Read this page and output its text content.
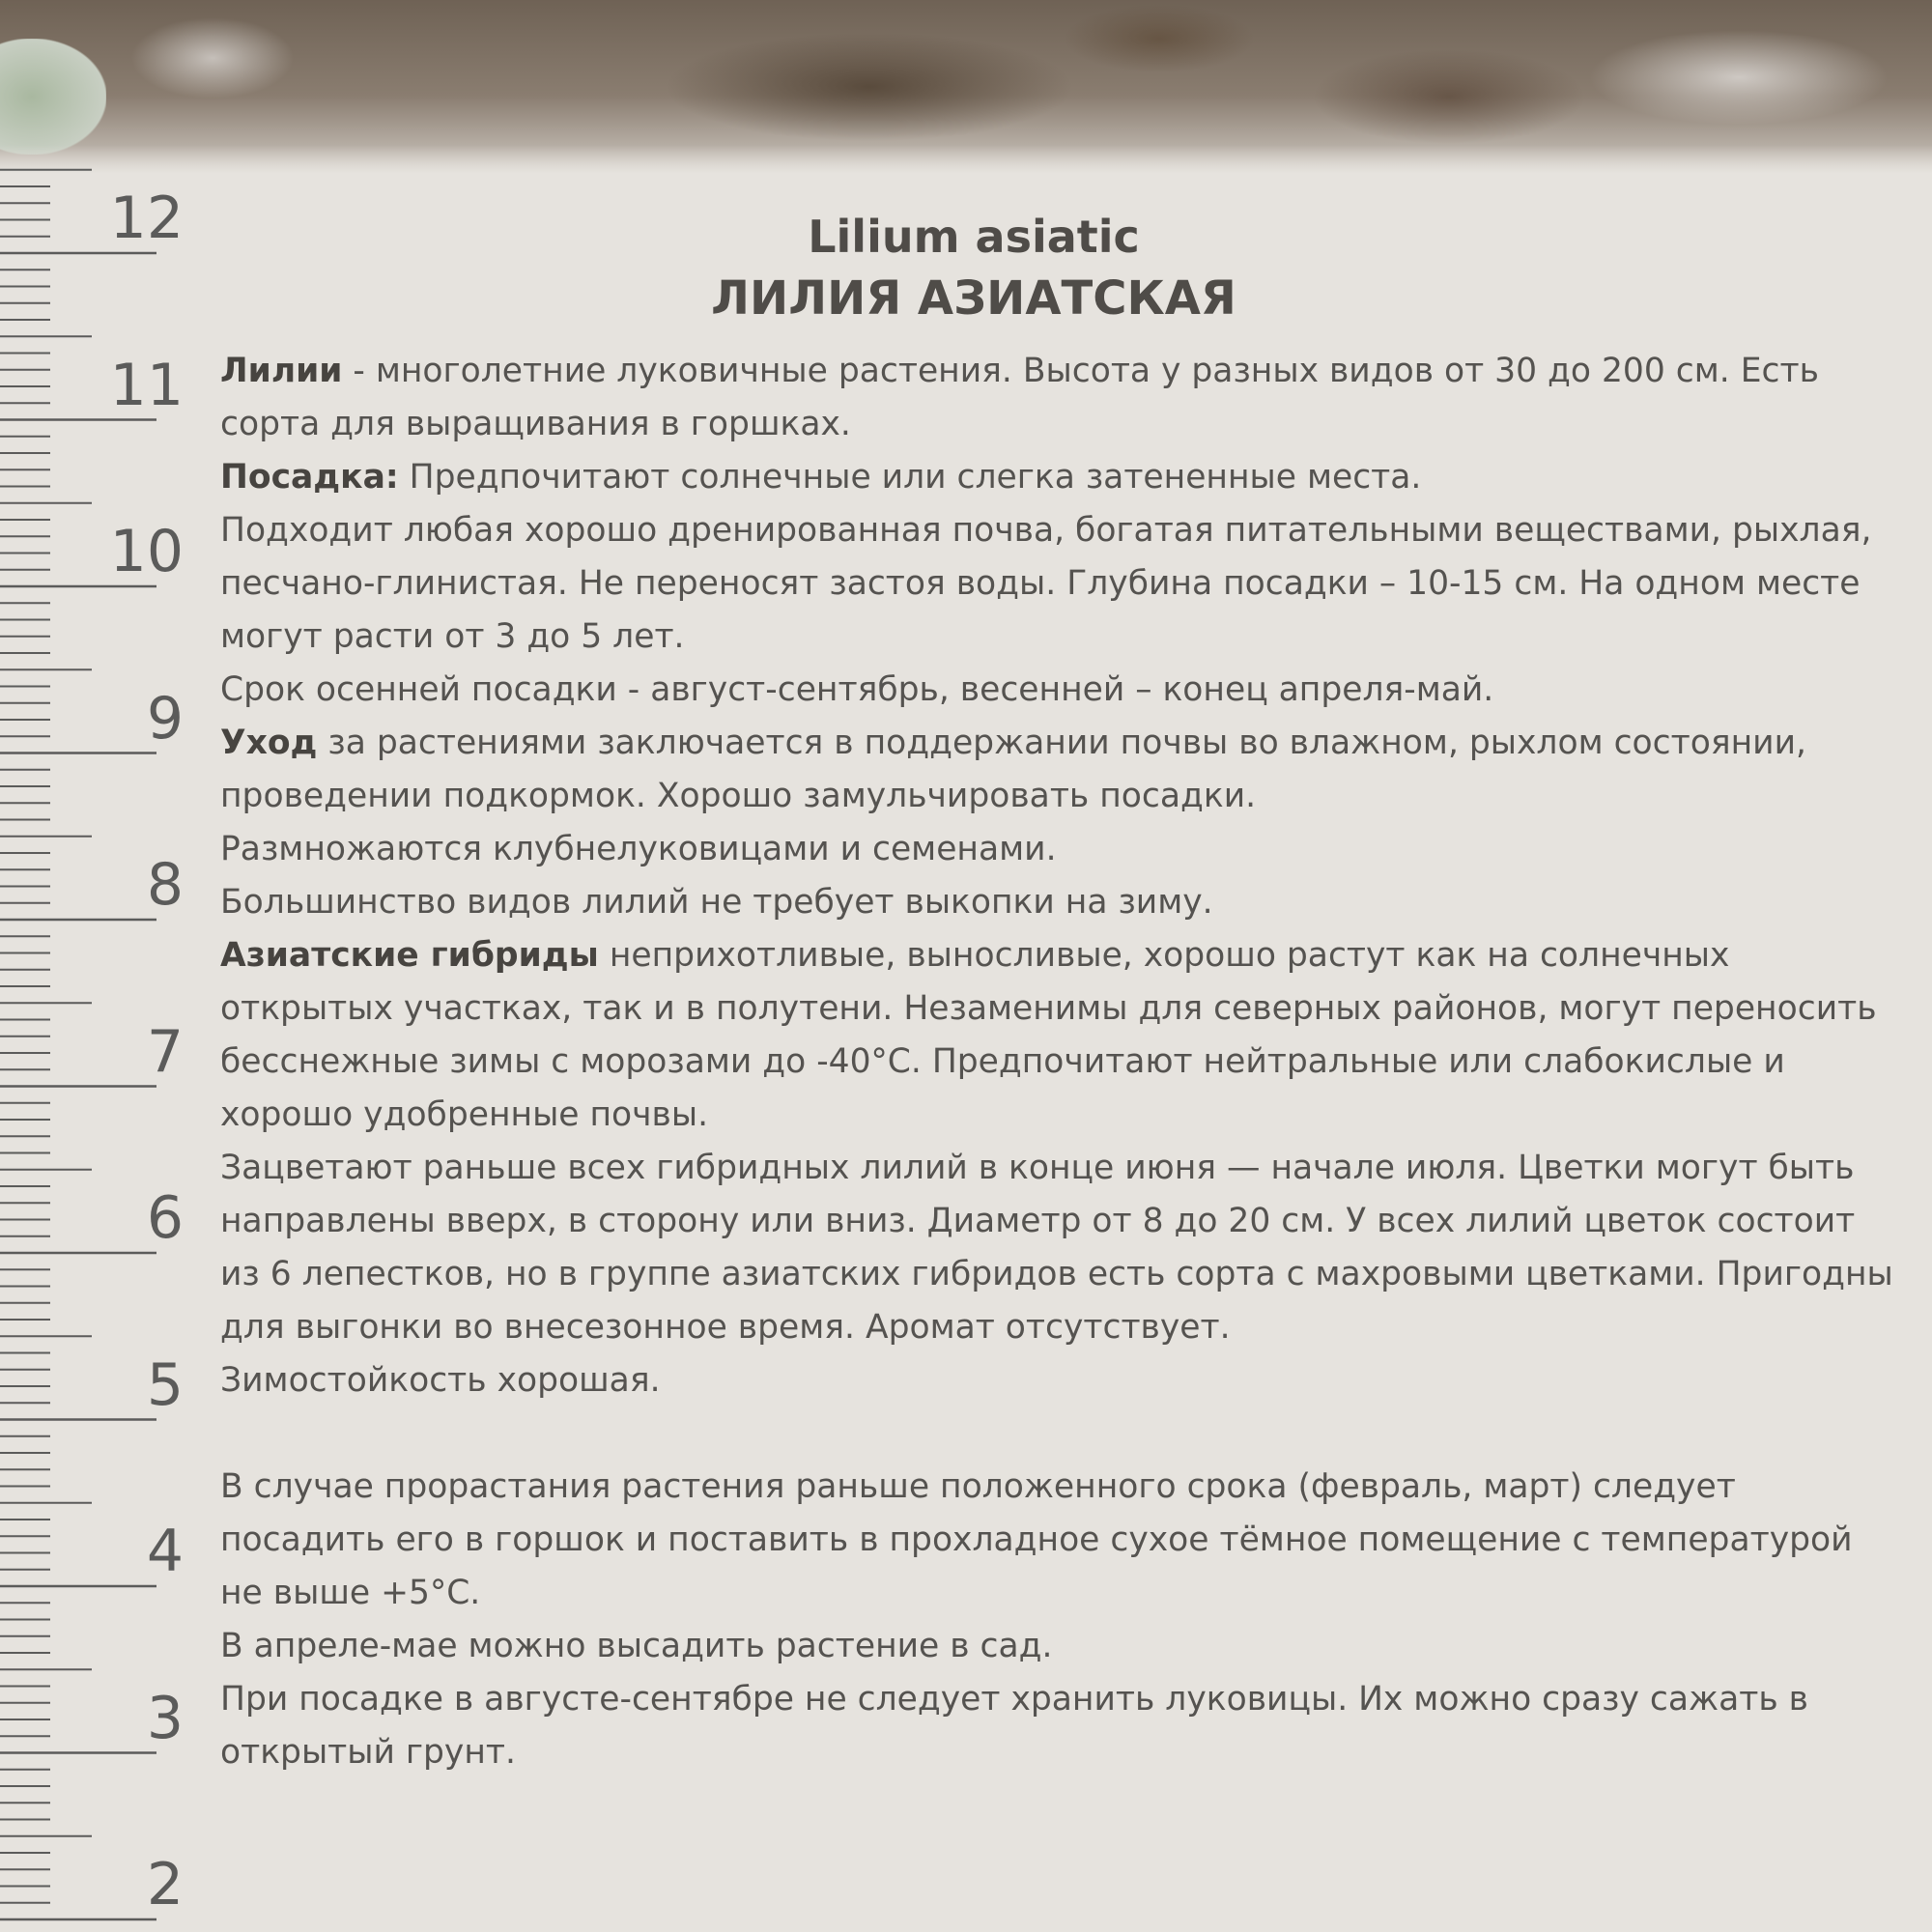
12
11
10
9
8
7
6
5
4
3
2
Lilium asiatic
ЛИЛИЯ АЗИАТСКАЯ

Лилии - многолетние луковичные растения. Высота у разных видов от 30 до 200 см. Есть сорта для выращивания в горшках.

Посадка: Предпочитают солнечные или слегка затененные места.

Подходит любая хорошо дренированная почва, богатая питательными веществами, рыхлая, песчано-глинистая. Не переносят застоя воды. Глубина посадки – 10-15 см. На одном месте могут расти от 3 до 5 лет.

Срок осенней посадки - август-сентябрь, весенней – конец апреля-май.

Уход за растениями заключается в поддержании почвы во влажном, рыхлом состоянии, проведении подкормок. Хорошо замульчировать посадки.

Размножаются клубнелуковицами и семенами.

Большинство видов лилий не требует выкопки на зиму.

Азиатские гибриды неприхотливые, выносливые, хорошо растут как на солнечных открытых участках, так и в полутени. Незаменимы для северных районов, могут переносить бесснежные зимы с морозами до -40°С. Предпочитают нейтральные или слабокислые и хорошо удобренные почвы.

Зацветают раньше всех гибридных лилий в конце июня — начале июля. Цветки могут быть направлены вверх, в сторону или вниз. Диаметр от 8 до 20 см. У всех лилий цветок состоит из 6 лепестков, но в группе азиатских гибридов есть сорта с махровыми цветками. Пригодны для выгонки во внесезонное время. Аромат отсутствует.

Зимостойкость хорошая.

В случае прорастания растения раньше положенного срока (февраль, март) следует посадить его в горшок и поставить в прохладное сухое тёмное помещение с температурой не выше +5°С.

В апреле-мае можно высадить растение в сад.

При посадке в августе-сентябре не следует хранить луковицы. Их можно сразу сажать в открытый грунт.
